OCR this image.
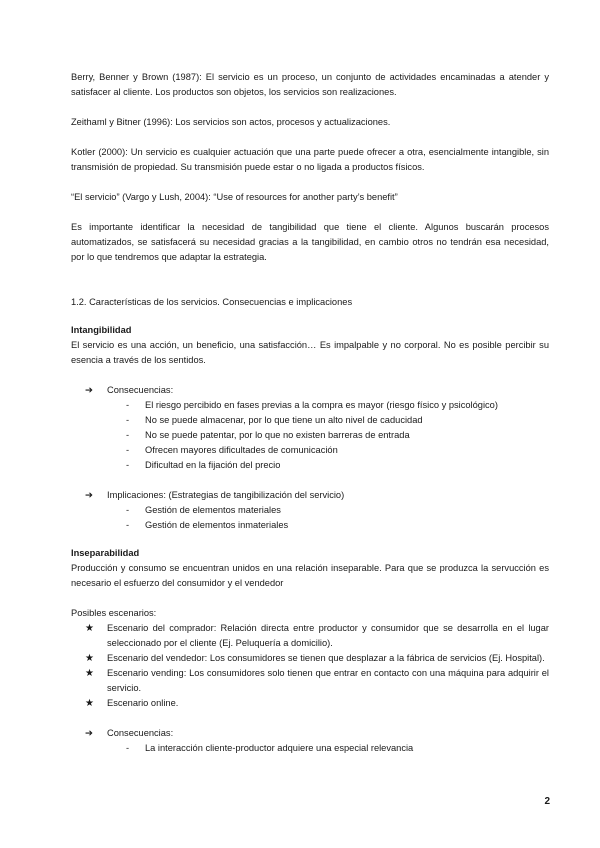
Berry, Benner y Brown (1987): El servicio es un proceso, un conjunto de actividades encaminadas a atender y satisfacer al cliente. Los productos son objetos, los servicios son realizaciones.

Zeithaml y Bitner (1996): Los servicios son actos, procesos y actualizaciones.

Kotler (2000): Un servicio es cualquier actuación que una parte puede ofrecer a otra, esencialmente intangible, sin transmisión de propiedad. Su transmisión puede estar o no ligada a productos físicos.

“El servicio” (Vargo y Lush, 2004): “Use of resources for another party’s benefit”

Es importante identificar la necesidad de tangibilidad que tiene el cliente. Algunos buscarán procesos automatizados, se satisfacerá su necesidad gracias a la tangibilidad, en cambio otros no tendrán esa necesidad, por lo que tendremos que adaptar la estrategia.

1.2. Características de los servicios. Consecuencias e implicaciones

Intangibilidad

El servicio es una acción, un beneficio, una satisfacción… Es impalpable y no corporal. No es posible percibir su esencia a través de los sentidos.

➔	Consecuencias:
-	El riesgo percibido en fases previas a la compra es mayor (riesgo físico y psicológico)
-	No se puede almacenar, por lo que tiene un alto nivel de caducidad
-	No se puede patentar, por lo que no existen barreras de entrada
-	Ofrecen mayores dificultades de comunicación
-	Dificultad en la fijación del precio
➔	Implicaciones: (Estrategias de tangibilización del servicio)
-	Gestión de elementos materiales
-	Gestión de elementos inmateriales

Inseparabilidad

Producción y consumo se encuentran unidos en una relación inseparable. Para que se produzca la servucción es necesario el esfuerzo del consumidor y el vendedor

Posibles escenarios:

★	Escenario del comprador: Relación directa entre productor y consumidor que se desarrolla en el lugar seleccionado por el cliente (Ej. Peluquería a domicilio).
★	Escenario del vendedor: Los consumidores se tienen que desplazar a la fábrica de servicios (Ej. Hospital).
★	Escenario vending: Los consumidores solo tienen que entrar en contacto con una máquina para adquirir el servicio.
★	Escenario online.
➔	Consecuencias:
-	La interacción cliente-productor adquiere una especial relevancia
2
